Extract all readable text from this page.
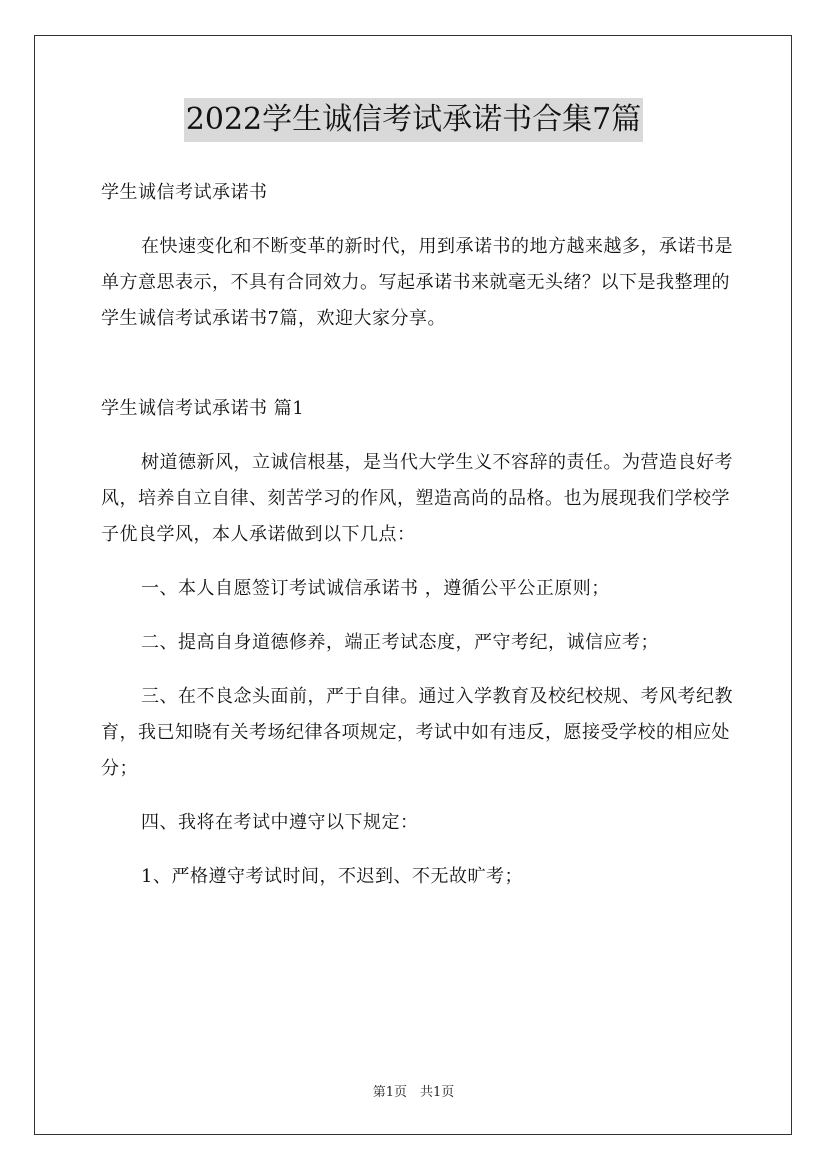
2022学生诚信考试承诺书合集7篇

学生诚信考试承诺书

在快速变化和不断变革的新时代，用到承诺书的地方越来越多，承诺书是单方意思表示，不具有合同效力。写起承诺书来就毫无头绪？以下是我整理的学生诚信考试承诺书7篇，欢迎大家分享。

学生诚信考试承诺书 篇1

树道德新风，立诚信根基，是当代大学生义不容辞的责任。为营造良好考风，培养自立自律、刻苦学习的作风，塑造高尚的品格。也为展现我们学校学子优良学风，本人承诺做到以下几点：

一、本人自愿签订考试诚信承诺书 ，遵循公平公正原则；

二、提高自身道德修养，端正考试态度，严守考纪，诚信应考；

三、在不良念头面前，严于自律。通过入学教育及校纪校规、考风考纪教育，我已知晓有关考场纪律各项规定，考试中如有违反，愿接受学校的相应处分；

四、我将在考试中遵守以下规定：

1、严格遵守考试时间，不迟到、不无故旷考；

第1页　共1页
